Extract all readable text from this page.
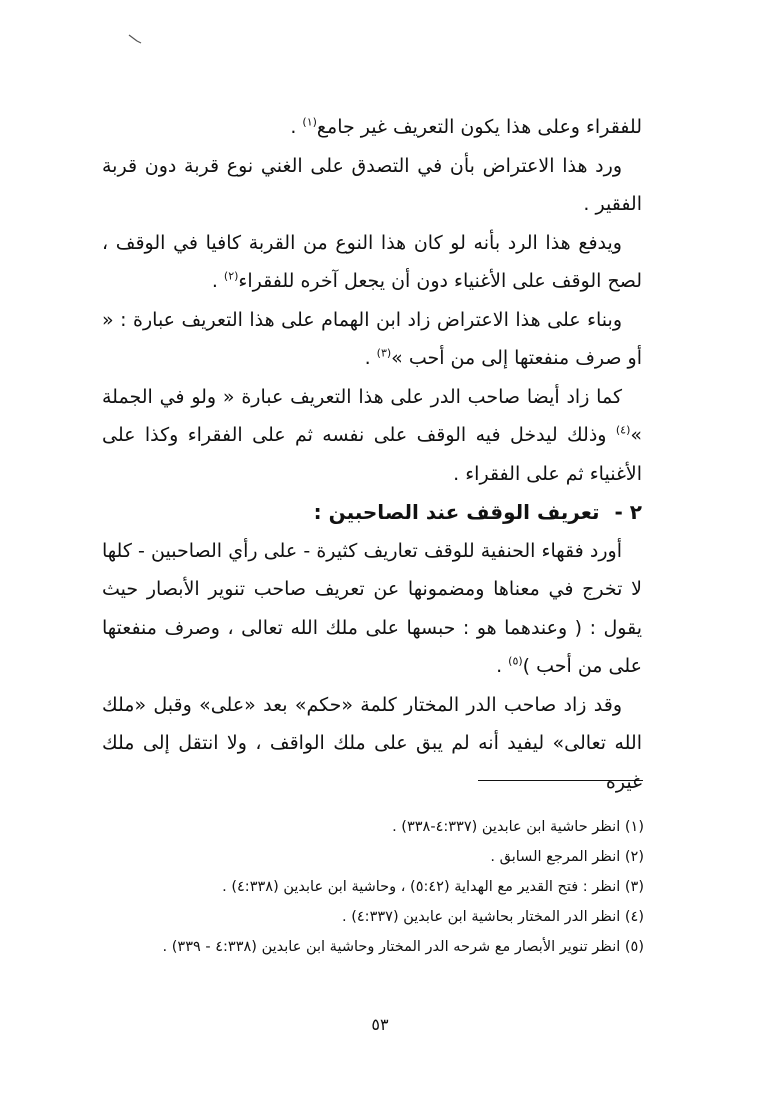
للفقراء وعلى هذا يكون التعريف غير جامع$^{(١)}$ .

ورد هذا الاعتراض بأن في التصدق على الغني نوع قربة دون قربة الفقير .

ويدفع هذا الرد بأنه لو كان هذا النوع من القربة كافيا في الوقف ، لصح الوقف على الأغنياء دون أن يجعل آخره للفقراء$^{(٢)}$ .

وبناء على هذا الاعتراض زاد ابن الهمام على هذا التعريف عبارة : « أو صرف منفعتها إلى من أحب »$^{(٣)}$ .

كما زاد أيضا صاحب الدر على هذا التعريف عبارة « ولو في الجملة »$^{(٤)}$ وذلك ليدخل فيه الوقف على نفسه ثم على الفقراء وكذا على الأغنياء ثم على الفقراء .

٢ - تعريف الوقف عند الصاحبين :

أورد فقهاء الحنفية للوقف تعاريف كثيرة - على رأي الصاحبين - كلها لا تخرج في معناها ومضمونها عن تعريف صاحب تنوير الأبصار حيث يقول : ( وعندهما هو : حبسها على ملك الله تعالى ، وصرف منفعتها على من أحب )$^{(٥)}$ .

وقد زاد صاحب الدر المختار كلمة «حكم» بعد «على» وقبل «ملك الله تعالى» ليفيد أنه لم يبق على ملك الواقف ، ولا انتقل إلى ملك غيره

(١) انظر حاشية ابن عابدين (٤:٣٣٧-٣٣٨) .
(٢) انظر المرجع السابق .
(٣) انظر : فتح القدير مع الهداية (٥:٤٢) ، وحاشية ابن عابدين (٤:٣٣٨) .
(٤) انظر الدر المختار بحاشية ابن عابدين (٤:٣٣٧) .
(٥) انظر تنوير الأبصار مع شرحه الدر المختار وحاشية ابن عابدين (٤:٣٣٨ - ٣٣٩) .
٥٣
